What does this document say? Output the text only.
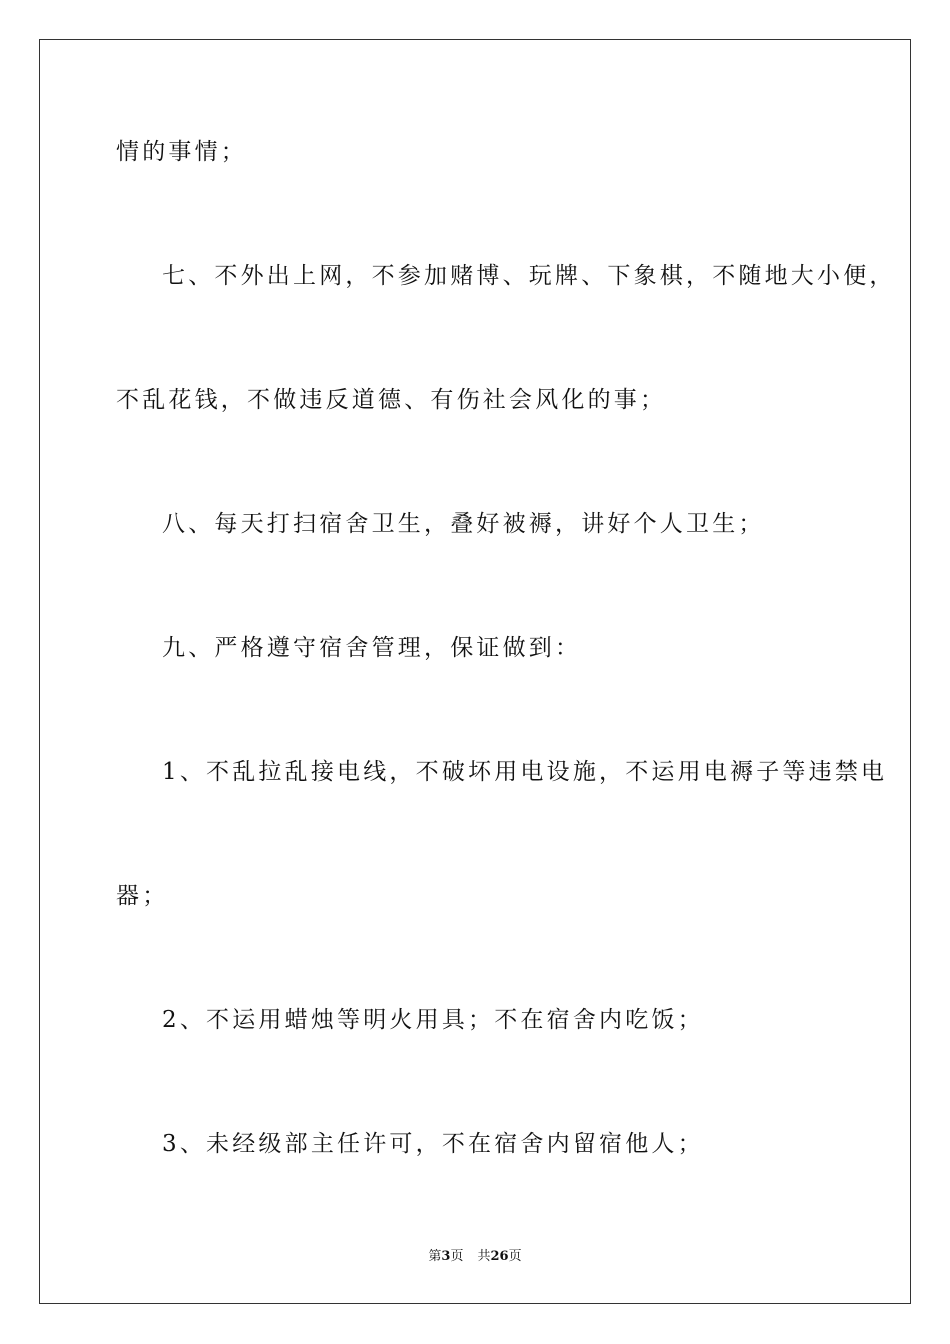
情的事情；
七、不外出上网，不参加赌博、玩牌、下象棋，不随地大小便，
不乱花钱，不做违反道德、有伤社会风化的事；
八、每天打扫宿舍卫生，叠好被褥，讲好个人卫生；
九、严格遵守宿舍管理，保证做到：
1、不乱拉乱接电线，不破坏用电设施，不运用电褥子等违禁电
器；
2、不运用蜡烛等明火用具；不在宿舍内吃饭；
3、未经级部主任许可，不在宿舍内留宿他人；
第3页 共26页
